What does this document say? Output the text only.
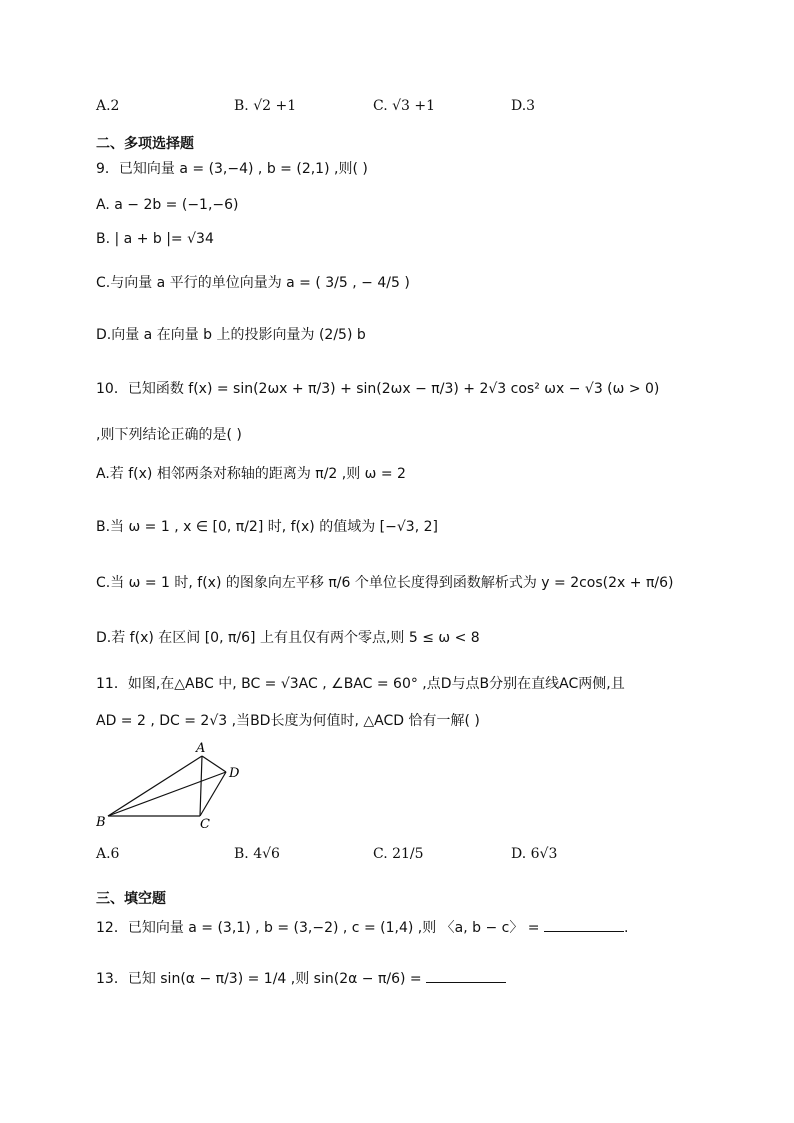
A.2	B. √2 +1	C. √3 +1	D.3
二、多项选择题
9．已知向量 a = (3,−4) , b = (2,1) ,则( )
A. a − 2b = (−1,−6)
B. | a + b |= √34
C.与向量 a 平行的单位向量为 a = ( 3/5 , − 4/5 )
D.向量 a 在向量 b 上的投影向量为 (2/5) b
10．已知函数 f(x) = sin(2ωx + π/3) + sin(2ωx − π/3) + 2√3 cos² ωx − √3 (ω > 0)
,则下列结论正确的是( )
A.若 f(x) 相邻两条对称轴的距离为 π/2 ,则 ω = 2
B.当 ω = 1 , x ∈ [0, π/2] 时, f(x) 的值域为 [−√3, 2]
C.当 ω = 1 时, f(x) 的图象向左平移 π/6 个单位长度得到函数解析式为 y = 2cos(2x + π/6)
D.若 f(x) 在区间 [0, π/6] 上有且仅有两个零点,则 5 ≤ ω < 8
11．如图,在△ABC 中, BC = √3AC , ∠BAC = 60° ,点D与点B分别在直线AC两侧,且
AD = 2 , DC = 2√3 ,当BD长度为何值时, △ACD 恰有一解( )
A
B	C
D
A.6	B. 4√6	C. 21/5	D. 6√3
三、填空题
12．已知向量 a = (3,1) , b = (3,−2) , c = (1,4) ,则 〈a, b − c〉 =	.
13．已知 sin(α − π/3) = 1/4 ,则 sin(2α − π/6) =
